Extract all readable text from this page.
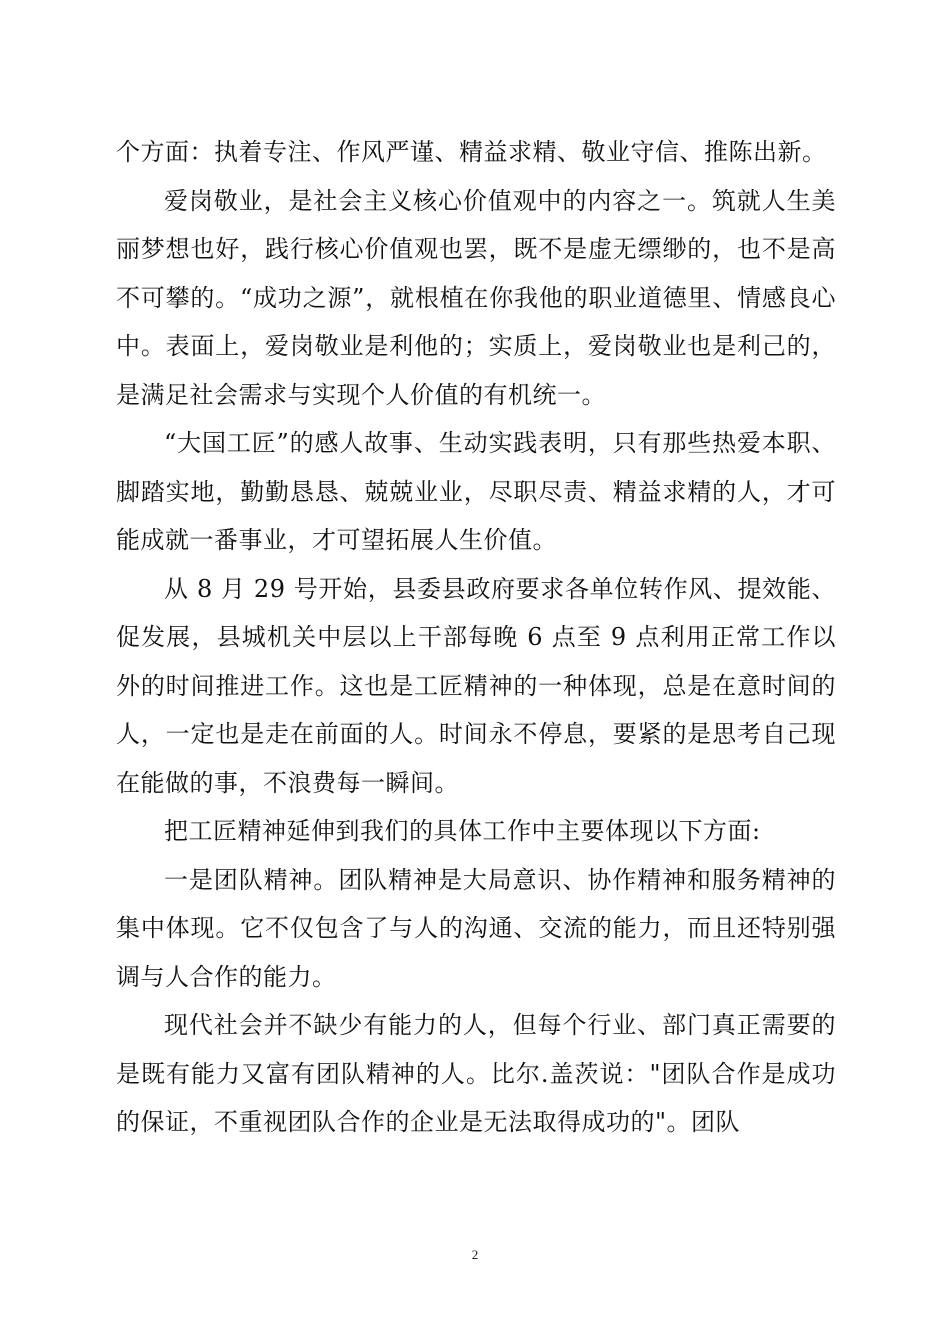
个方面：执着专注、作风严谨、精益求精、敬业守信、推陈出新。

爱岗敬业，是社会主义核心价值观中的内容之一。筑就人生美丽梦想也好，践行核心价值观也罢，既不是虚无缥缈的，也不是高不可攀的。“成功之源”，就根植在你我他的职业道德里、情感良心中。表面上，爱岗敬业是利他的；实质上，爱岗敬业也是利己的，是满足社会需求与实现个人价值的有机统一。

“大国工匠”的感人故事、生动实践表明，只有那些热爱本职、脚踏实地，勤勤恳恳、兢兢业业，尽职尽责、精益求精的人，才可能成就一番事业，才可望拓展人生价值。

从 8 月 29 号开始，县委县政府要求各单位转作风、提效能、促发展，县城机关中层以上干部每晚 6 点至 9 点利用正常工作以外的时间推进工作。这也是工匠精神的一种体现，总是在意时间的人，一定也是走在前面的人。时间永不停息，要紧的是思考自己现在能做的事，不浪费每一瞬间。

把工匠精神延伸到我们的具体工作中主要体现以下方面:

一是团队精神。团队精神是大局意识、协作精神和服务精神的集中体现。它不仅包含了与人的沟通、交流的能力，而且还特别强调与人合作的能力。

现代社会并不缺少有能力的人，但每个行业、部门真正需要的是既有能力又富有团队精神的人。比尔.盖茨说："团队合作是成功的保证，不重视团队合作的企业是无法取得成功的"。团队

2
